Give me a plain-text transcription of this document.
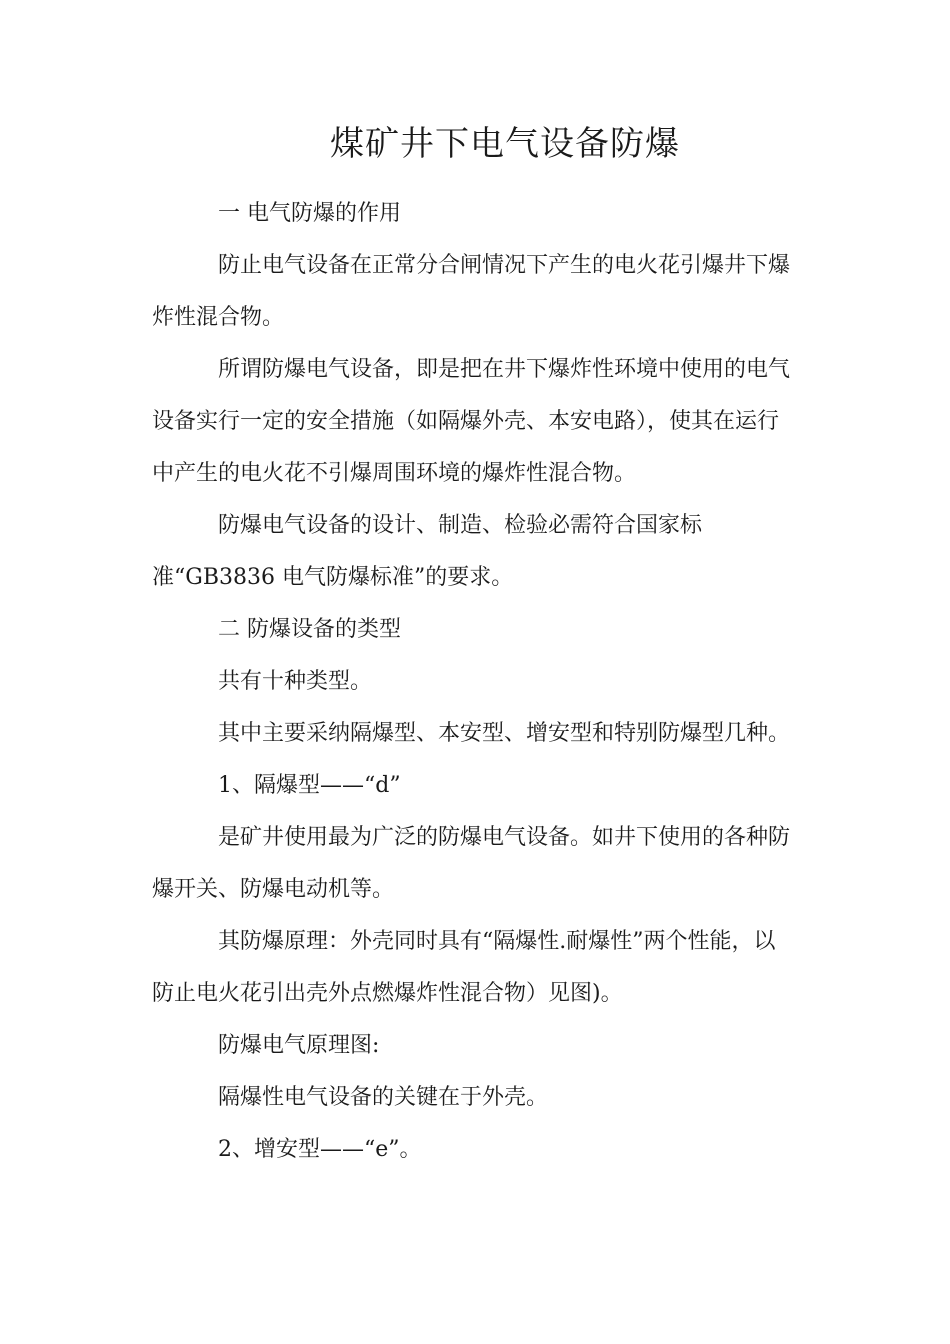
煤矿井下电气设备防爆
一 电气防爆的作用
防止电气设备在正常分合闸情况下产生的电火花引爆井下爆
炸性混合物。
所谓防爆电气设备，即是把在井下爆炸性环境中使用的电气
设备实行一定的安全措施（如隔爆外壳、本安电路），使其在运行
中产生的电火花不引爆周围环境的爆炸性混合物。
防爆电气设备的设计、制造、检验必需符合国家标
准“GB3836 电气防爆标准”的要求。
二 防爆设备的类型
共有十种类型。
其中主要采纳隔爆型、本安型、增安型和特别防爆型几种。
1、隔爆型——“d”
是矿井使用最为广泛的防爆电气设备。如井下使用的各种防
爆开关、防爆电动机等。
其防爆原理：外壳同时具有“隔爆性.耐爆性”两个性能，以
防止电火花引出壳外点燃爆炸性混合物）见图)。
防爆电气原理图:
隔爆性电气设备的关键在于外壳。
2、增安型——“e”。
